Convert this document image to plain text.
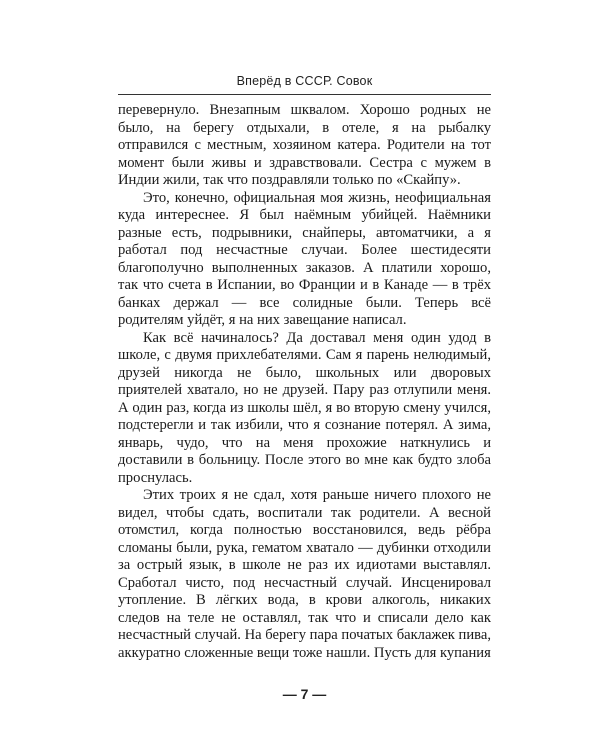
Вперёд в СССР. Совок

перевернуло. Внезапным шквалом. Хорошо родных не было, на берегу отдыхали, в отеле, я на рыбалку отправился с местным, хозяином катера. Родители на тот момент были живы и здравствовали. Сестра с мужем в Индии жили, так что поздравляли только по «Скайпу».

Это, конечно, официальная моя жизнь, неофициальная куда интереснее. Я был наёмным убийцей. Наёмники разные есть, подрывники, снайперы, автоматчики, а я работал под несчастные случаи. Более шестидесяти благополучно выполненных заказов. А платили хорошо, так что счета в Испании, во Франции и в Канаде — в трёх банках держал — все солидные были. Теперь всё родителям уйдёт, я на них завещание написал.

Как всё начиналось? Да доставал меня один удод в школе, с двумя прихлебателями. Сам я парень нелюдимый, друзей никогда не было, школьных или дворовых приятелей хватало, но не друзей. Пару раз отлупили меня. А один раз, когда из школы шёл, я во вторую смену учился, подстерегли и так избили, что я сознание потерял. А зима, январь, чудо, что на меня прохожие наткнулись и доставили в больницу. После этого во мне как будто злоба проснулась.

Этих троих я не сдал, хотя раньше ничего плохого не видел, чтобы сдать, воспитали так родители. А весной отомстил, когда полностью восстановился, ведь рёбра сломаны были, рука, гематом хватало — дубинки отходили за острый язык, в школе не раз их идиотами выставлял. Сработал чисто, под несчастный случай. Инсценировал утопление. В лёгких вода, в крови алкоголь, никаких следов на теле не оставлял, так что и списали дело как несчастный случай. На берегу пара початых баклажек пива, аккуратно сложенные вещи тоже нашли. Пусть для купания

— 7 —
